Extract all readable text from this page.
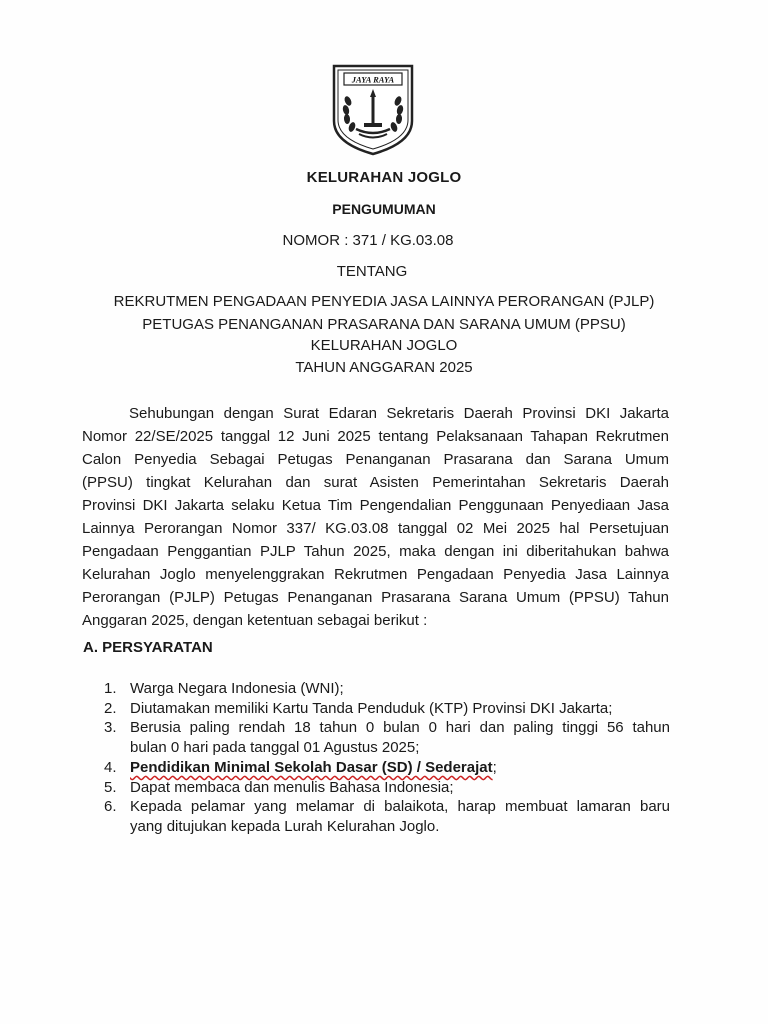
JAYA RAYA
KELURAHAN JOGLO
PENGUMUMAN
NOMOR : 371 / KG.03.08
TENTANG
REKRUTMEN PENGADAAN PENYEDIA JASA LAINNYA PERORANGAN (PJLP)
PETUGAS PENANGANAN PRASARANA DAN SARANA UMUM (PPSU)
KELURAHAN JOGLO
TAHUN ANGGARAN 2025
Sehubungan dengan Surat Edaran Sekretaris Daerah Provinsi DKI Jakarta
Nomor 22/SE/2025 tanggal 12 Juni 2025 tentang Pelaksanaan Tahapan Rekrutmen
Calon Penyedia Sebagai Petugas Penanganan Prasarana dan Sarana Umum
(PPSU) tingkat Kelurahan dan surat Asisten Pemerintahan Sekretaris Daerah
Provinsi DKI Jakarta selaku Ketua Tim Pengendalian Penggunaan Penyediaan Jasa
Lainnya Perorangan Nomor 337/ KG.03.08 tanggal 02 Mei 2025 hal Persetujuan
Pengadaan Penggantian PJLP Tahun 2025, maka dengan ini diberitahukan bahwa
Kelurahan Joglo menyelenggrakan Rekrutmen Pengadaan Penyedia Jasa Lainnya
Perorangan (PJLP) Petugas Penanganan Prasarana Sarana Umum (PPSU) Tahun
Anggaran 2025, dengan ketentuan sebagai berikut :
A. PERSYARATAN
1. Warga Negara Indonesia (WNI);
2. Diutamakan memiliki Kartu Tanda Penduduk (KTP) Provinsi DKI Jakarta;
3. Berusia paling rendah 18 tahun 0 bulan 0 hari dan paling tinggi 56 tahun
bulan 0 hari pada tanggal 01 Agustus 2025;
4. Pendidikan Minimal Sekolah Dasar (SD) / Sederajat;
5. Dapat membaca dan menulis Bahasa Indonesia;
6. Kepada pelamar yang melamar di balaikota, harap membuat lamaran baru
yang ditujukan kepada Lurah Kelurahan Joglo.
